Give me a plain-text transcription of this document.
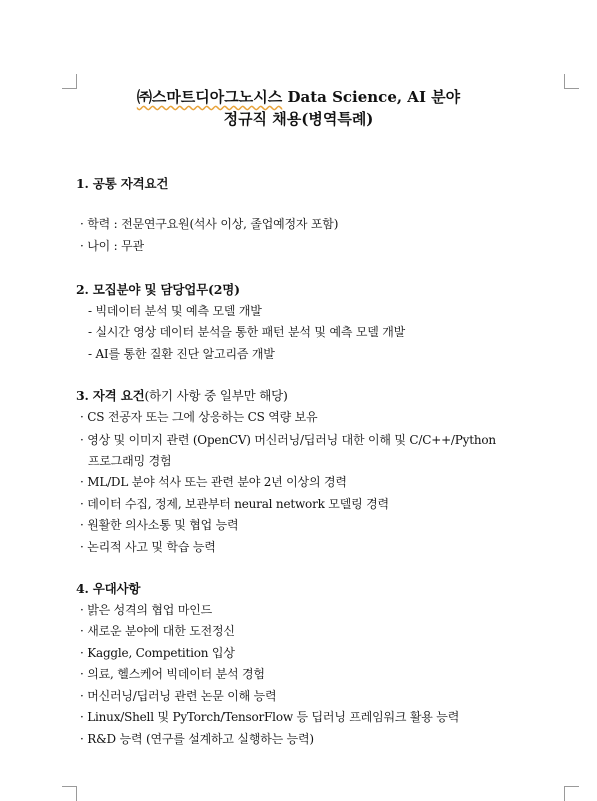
㈜스마트디아그노시스 Data Science, AI 분야
정규직 채용(병역특례)
1. 공통 자격요건
· 학력 : 전문연구요원(석사 이상, 졸업예정자 포함)
· 나이 : 무관
2. 모집분야 및 담당업무(2명)
- 빅데이터 분석 및 예측 모델 개발
- 실시간 영상 데이터 분석을 통한 패턴 분석 및 예측 모델 개발
- AI를 통한 질환 진단 알고리즘 개발
3. 자격 요건(하기 사항 중 일부만 해당)
· CS 전공자 또는 그에 상응하는 CS 역량 보유
· 영상 및 이미지 관련 (OpenCV) 머신러닝/딥러닝 대한 이해 및 C/C++/Python
프로그래밍 경험
· ML/DL 분야 석사 또는 관련 분야 2년 이상의 경력
· 데이터 수집, 정제, 보관부터 neural network 모델링 경력
· 원활한 의사소통 및 협업 능력
· 논리적 사고 및 학습 능력
4. 우대사항
· 밝은 성격의 협업 마인드
· 새로운 분야에 대한 도전정신
· Kaggle, Competition 입상
· 의료, 헬스케어 빅데이터 분석 경험
· 머신러닝/딥러닝 관련 논문 이해 능력
· Linux/Shell 및 PyTorch/TensorFlow 등 딥러닝 프레임워크 활용 능력
· R&D 능력 (연구를 설계하고 실행하는 능력)
